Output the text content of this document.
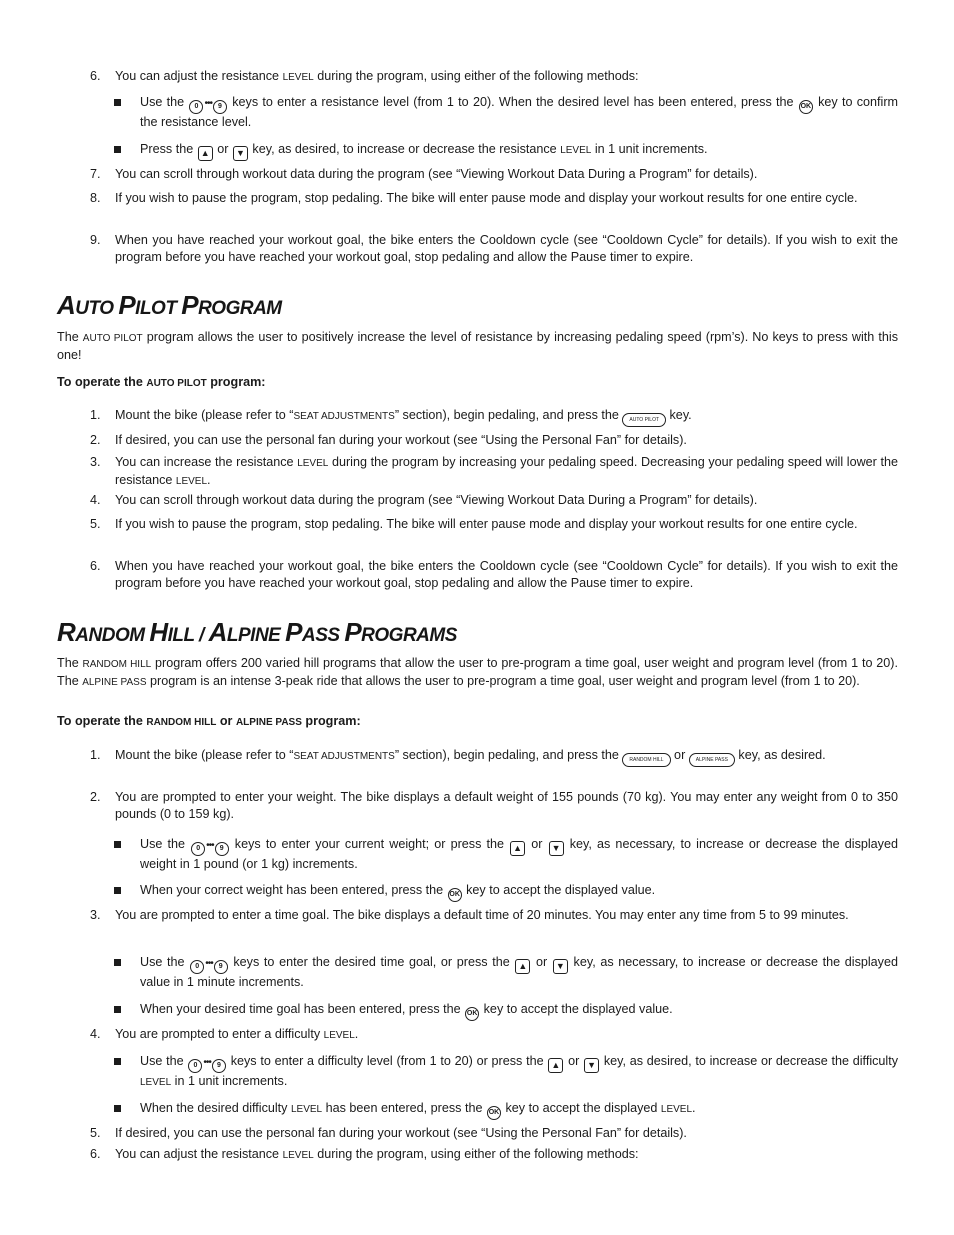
6. You can adjust the resistance LEVEL during the program, using either of the following methods:
Use the 0 ••• 9 keys to enter a resistance level (from 1 to 20). When the desired level has been entered, press the OK key to confirm the resistance level.
Press the ▲ or ▼ key, as desired, to increase or decrease the resistance LEVEL in 1 unit increments.
7. You can scroll through workout data during the program (see “Viewing Workout Data During a Program” for details).
8. If you wish to pause the program, stop pedaling. The bike will enter pause mode and display your workout results for one entire cycle.
9. When you have reached your workout goal, the bike enters the Cooldown cycle (see “Cooldown Cycle” for details). If you wish to exit the program before you have reached your workout goal, stop pedaling and allow the Pause timer to expire.
AUTO PILOT PROGRAM
The AUTO PILOT program allows the user to positively increase the level of resistance by increasing pedaling speed (rpm’s). No keys to press with this one!
To operate the AUTO PILOT program:
1. Mount the bike (please refer to “SEAT ADJUSTMENTS” section), begin pedaling, and press the AUTO PILOT key.
2. If desired, you can use the personal fan during your workout (see “Using the Personal Fan” for details).
3. You can increase the resistance LEVEL during the program by increasing your pedaling speed. Decreasing your pedaling speed will lower the resistance LEVEL.
4. You can scroll through workout data during the program (see “Viewing Workout Data During a Program” for details).
5. If you wish to pause the program, stop pedaling. The bike will enter pause mode and display your workout results for one entire cycle.
6. When you have reached your workout goal, the bike enters the Cooldown cycle (see “Cooldown Cycle” for details). If you wish to exit the program before you have reached your workout goal, stop pedaling and allow the Pause timer to expire.
RANDOM HILL / ALPINE PASS PROGRAMS
The RANDOM HILL program offers 200 varied hill programs that allow the user to pre-program a time goal, user weight and program level (from 1 to 20). The ALPINE PASS program is an intense 3-peak ride that allows the user to pre-program a time goal, user weight and program level (from 1 to 20).
To operate the RANDOM HILL or ALPINE PASS program:
1. Mount the bike (please refer to “SEAT ADJUSTMENTS” section), begin pedaling, and press the RANDOM HILL or ALPINE PASS key, as desired.
2. You are prompted to enter your weight. The bike displays a default weight of 155 pounds (70 kg). You may enter any weight from 0 to 350 pounds (0 to 159 kg).
Use the 0 ••• 9 keys to enter your current weight; or press the ▲ or ▼ key, as necessary, to increase or decrease the displayed weight in 1 pound (or 1 kg) increments.
When your correct weight has been entered, press the OK key to accept the displayed value.
3. You are prompted to enter a time goal. The bike displays a default time of 20 minutes. You may enter any time from 5 to 99 minutes.
Use the 0 ••• 9 keys to enter the desired time goal, or press the ▲ or ▼ key, as necessary, to increase or decrease the displayed value in 1 minute increments.
When your desired time goal has been entered, press the OK key to accept the displayed value.
4. You are prompted to enter a difficulty LEVEL.
Use the 0 ••• 9 keys to enter a difficulty level (from 1 to 20) or press the ▲ or ▼ key, as desired, to increase or decrease the difficulty LEVEL in 1 unit increments.
When the desired difficulty LEVEL has been entered, press the OK key to accept the displayed LEVEL.
5. If desired, you can use the personal fan during your workout (see “Using the Personal Fan” for details).
6. You can adjust the resistance LEVEL during the program, using either of the following methods:
